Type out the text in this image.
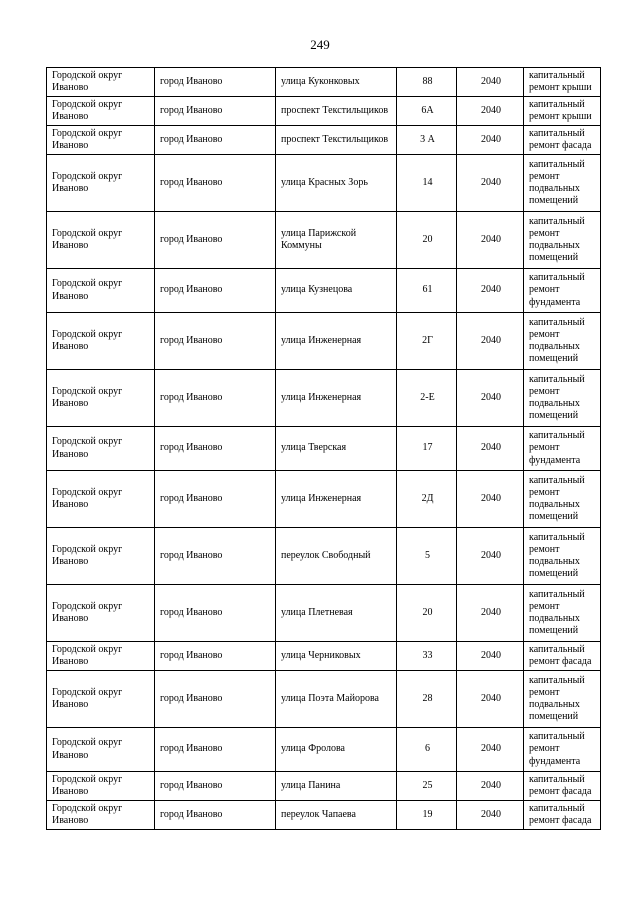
249
Городской округ Иваново	город Иваново	улица Куконковых	88	2040	капитальный ремонт крыши
Городской округ Иваново	город Иваново	проспект Текстильщиков	6А	2040	капитальный ремонт крыши
Городской округ Иваново	город Иваново	проспект Текстильщиков	3 А	2040	капитальный ремонт фасада
Городской округ Иваново	город Иваново	улица Красных Зорь	14	2040	капитальный ремонт подвальных помещений
Городской округ Иваново	город Иваново	улица Парижской Коммуны	20	2040	капитальный ремонт подвальных помещений
Городской округ Иваново	город Иваново	улица Кузнецова	61	2040	капитальный ремонт фундамента
Городской округ Иваново	город Иваново	улица Инженерная	2Г	2040	капитальный ремонт подвальных помещений
Городской округ Иваново	город Иваново	улица Инженерная	2-Е	2040	капитальный ремонт подвальных помещений
Городской округ Иваново	город Иваново	улица Тверская	17	2040	капитальный ремонт фундамента
Городской округ Иваново	город Иваново	улица Инженерная	2Д	2040	капитальный ремонт подвальных помещений
Городской округ Иваново	город Иваново	переулок Свободный	5	2040	капитальный ремонт подвальных помещений
Городской округ Иваново	город Иваново	улица Плетневая	20	2040	капитальный ремонт подвальных помещений
Городской округ Иваново	город Иваново	улица Черниковых	33	2040	капитальный ремонт фасада
Городской округ Иваново	город Иваново	улица Поэта Майорова	28	2040	капитальный ремонт подвальных помещений
Городской округ Иваново	город Иваново	улица Фролова	6	2040	капитальный ремонт фундамента
Городской округ Иваново	город Иваново	улица Панина	25	2040	капитальный ремонт фасада
Городской округ Иваново	город Иваново	переулок Чапаева	19	2040	капитальный ремонт фасада
